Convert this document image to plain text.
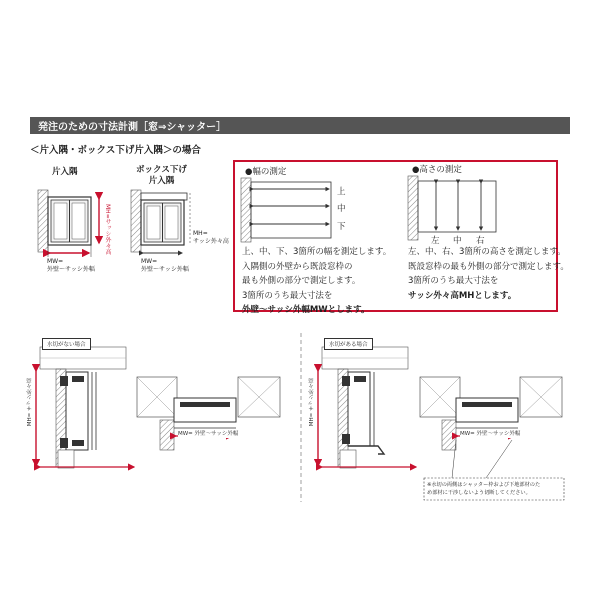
発注のための寸法計測［窓⇒シャッター］
＜片入隅・ボックス下げ片入隅＞の場合
片入隅
MH=サッシ外々高
MW=
外壁～サッシ外幅
ボックス下げ
片入隅
MH=
サッシ外々高
MW=
外壁～サッシ外幅
●幅の測定
上
中
下
上、中、下、3箇所の幅を測定します。
入隅側の外壁から既設窓枠の
最も外側の部分で測定します。
3箇所のうち最大寸法を
外壁～サッシ外幅MWとします。
●高さの測定
左 中 右
左、中、右、3箇所の高さを測定します。
既設窓枠の最も外側の部分で測定します。
3箇所のうち最大寸法を
サッシ外々高MHとします。
水切がない場合
MH= サッシ外々高
MW= 外壁～サッシ外幅
水切がある場合
MH= サッシ外々高
MW= 外壁～サッシ外幅
※水切の両側はシャッター枠および下地部材のた
め部材に干渉しないよう切断してください。
